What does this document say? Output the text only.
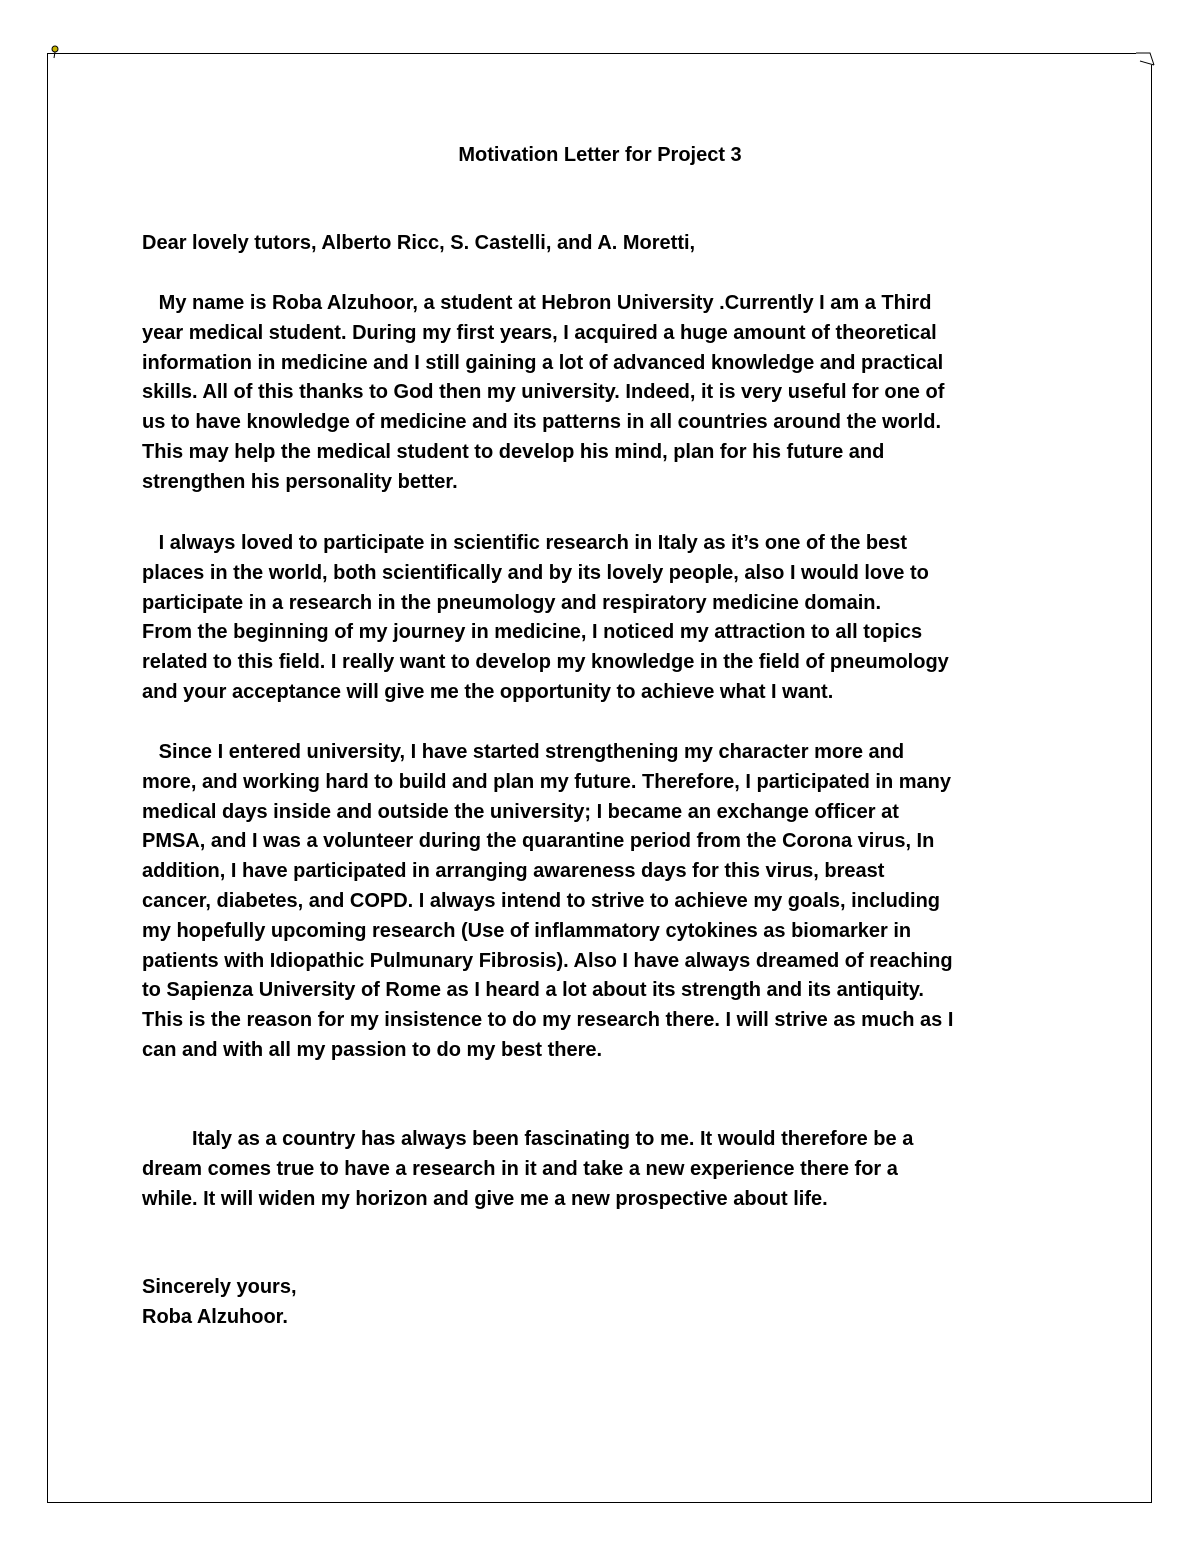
Motivation Letter for Project 3

Dear lovely tutors, Alberto Ricc, S. Castelli, and A. Moretti,

My name is Roba Alzuhoor, a student at Hebron University .Currently I am a Third
year medical student. During my first years, I acquired a huge amount of theoretical
information in medicine and I still gaining a lot of advanced knowledge and practical
skills. All of this thanks to God then my university. Indeed, it is very useful for one of
us to have knowledge of medicine and its patterns in all countries around the world.
This may help the medical student to develop his mind, plan for his future and
strengthen his personality better.

I always loved to participate in scientific research in Italy as it’s one of the best
places in the world, both scientifically and by its lovely people, also I would love to
participate in a research in the pneumology and respiratory medicine domain.
From the beginning of my journey in medicine, I noticed my attraction to all topics
related to this field. I really want to develop my knowledge in the field of pneumology
and your acceptance will give me the opportunity to achieve what I want.

Since I entered university, I have started strengthening my character more and
more, and working hard to build and plan my future. Therefore, I participated in many
medical days inside and outside the university; I became an exchange officer at
PMSA, and I was a volunteer during the quarantine period from the Corona virus, In
addition, I have participated in arranging awareness days for this virus, breast
cancer, diabetes, and COPD. I always intend to strive to achieve my goals, including
my hopefully upcoming research (Use of inflammatory cytokines as biomarker in
patients with Idiopathic Pulmunary Fibrosis). Also I have always dreamed of reaching
to Sapienza University of Rome as I heard a lot about its strength and its antiquity.
This is the reason for my insistence to do my research there. I will strive as much as I
can and with all my passion to do my best there.

Italy as a country has always been fascinating to me. It would therefore be a
dream comes true to have a research in it and take a new experience there for a
while. It will widen my horizon and give me a new prospective about life.

Sincerely yours,
Roba Alzuhoor.
